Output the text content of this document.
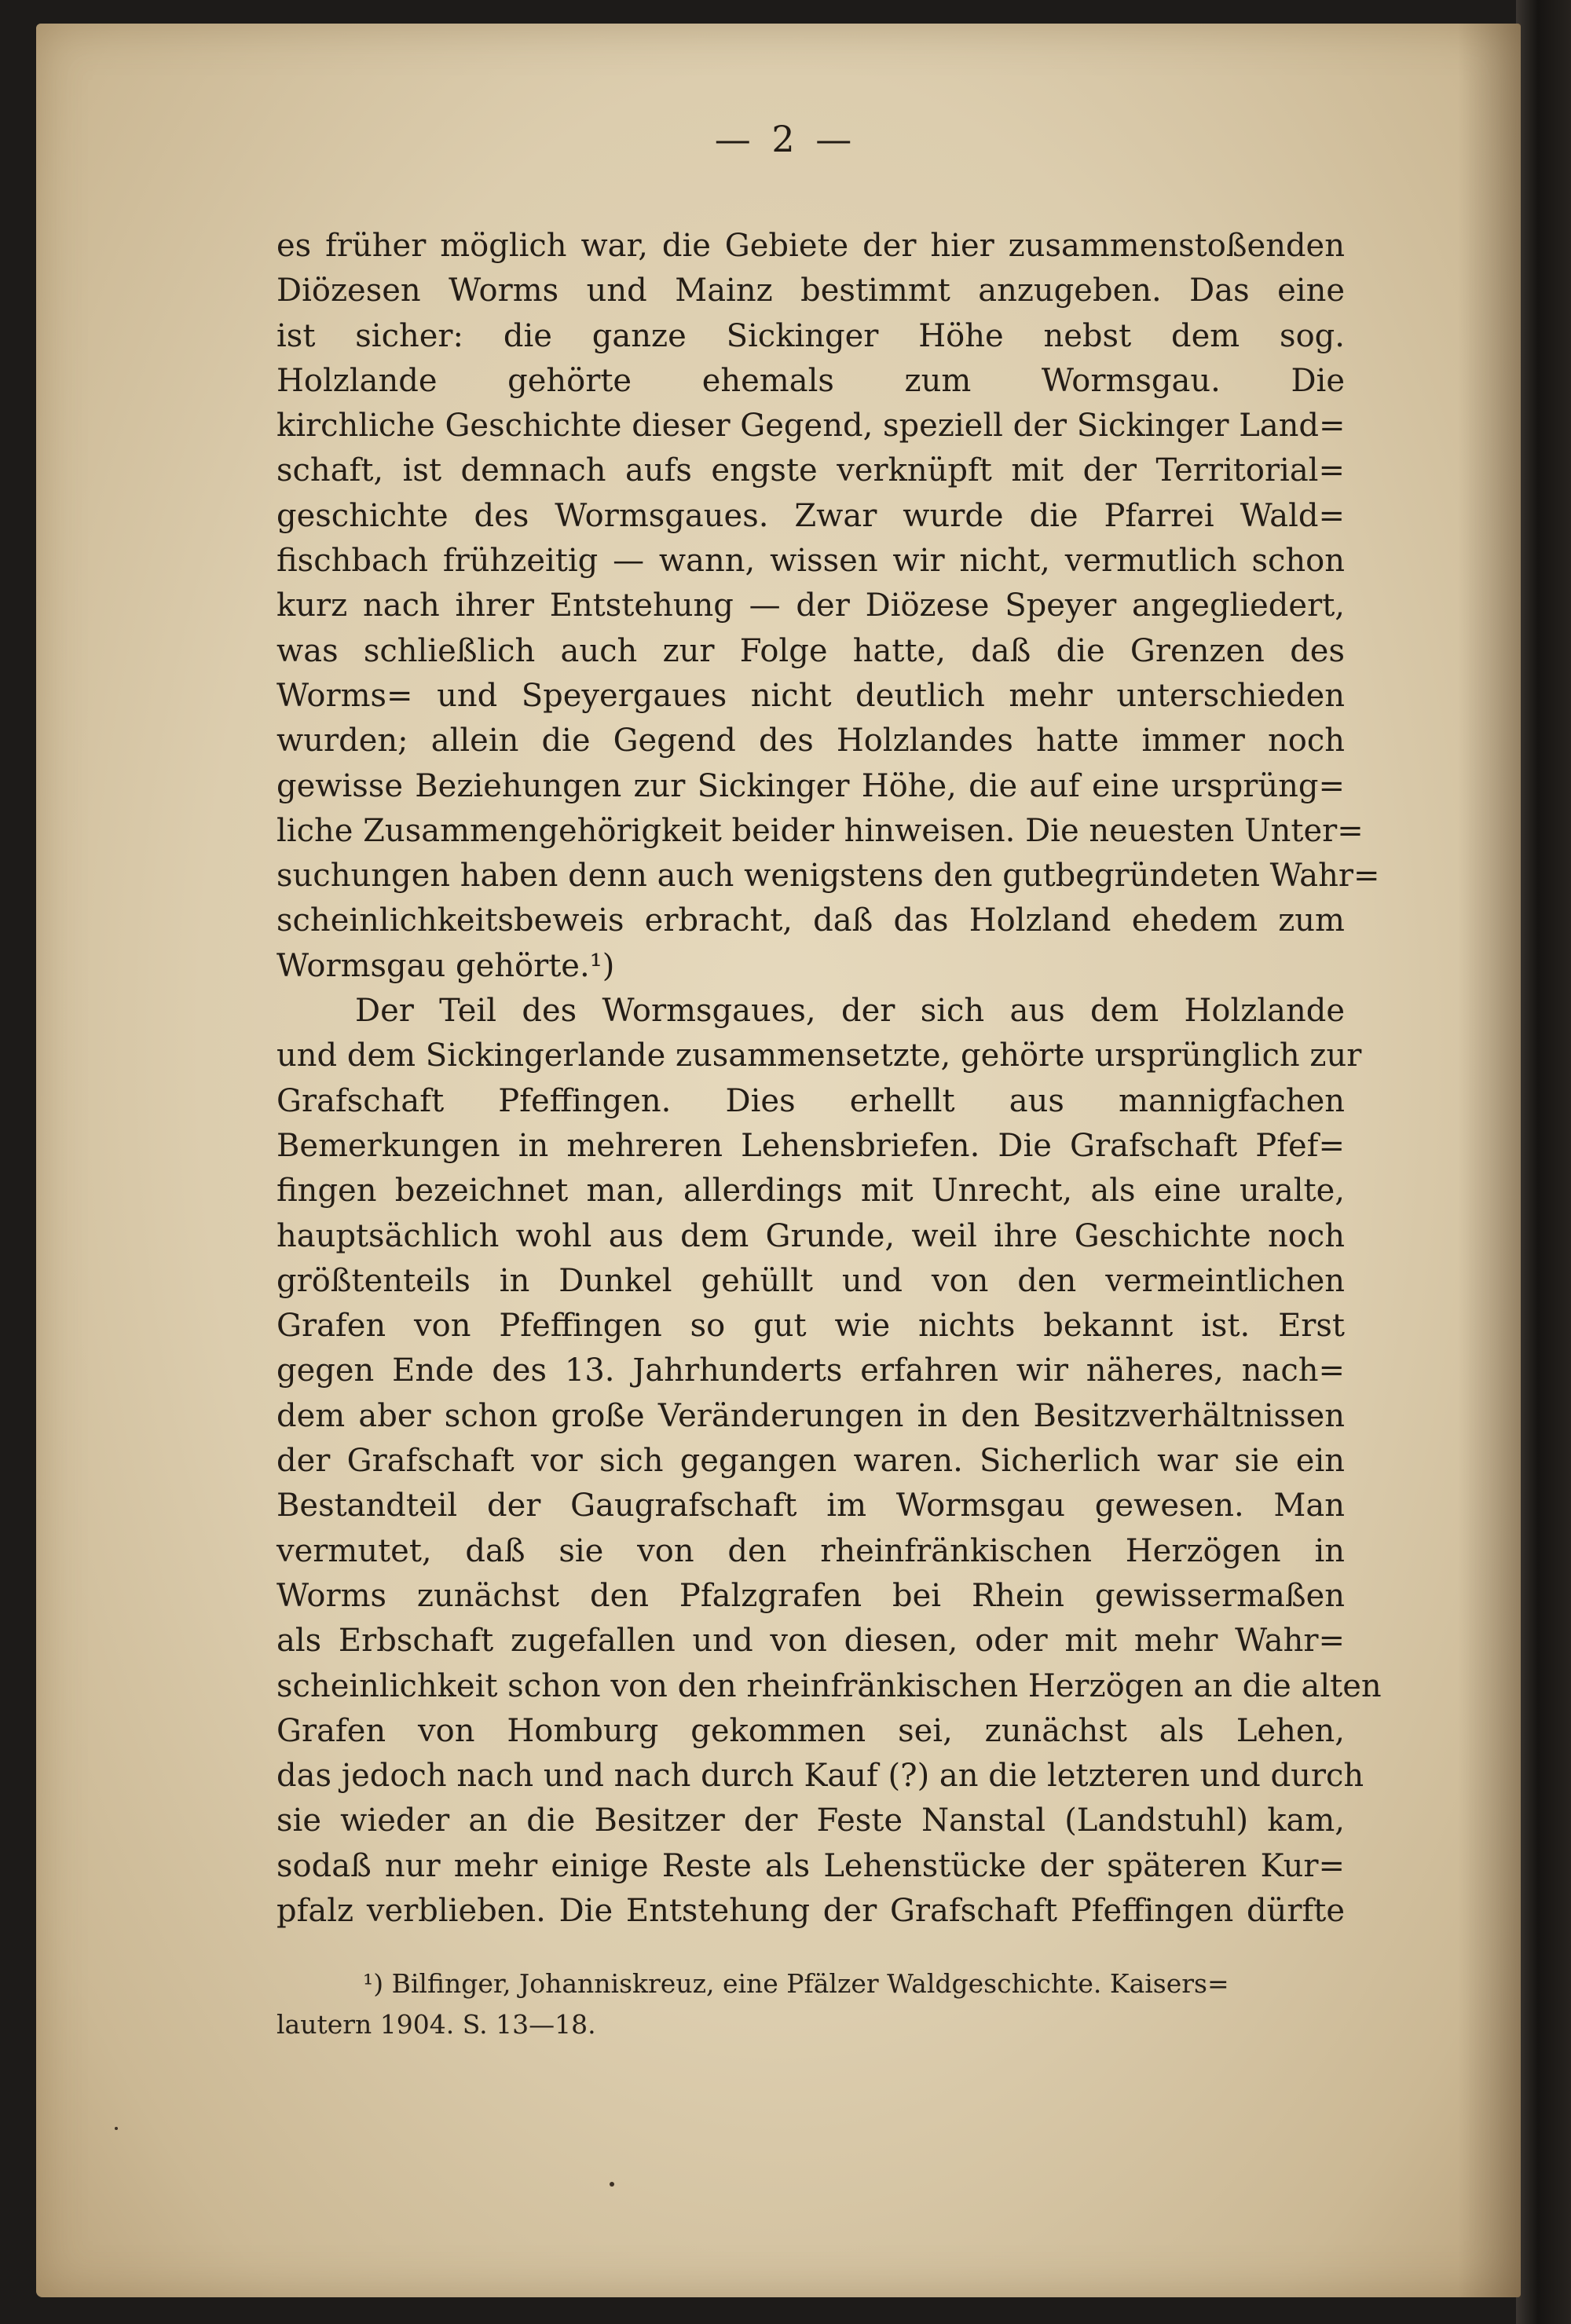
— 2 —
es früher möglich war, die Gebiete der hier zusammenstoßenden
Diözesen Worms und Mainz bestimmt anzugeben. Das eine
ist sicher: die ganze Sickinger Höhe nebst dem sog.
Holzlande gehörte ehemals zum Wormsgau. Die
kirchliche Geschichte dieser Gegend, speziell der Sickinger Land=
schaft, ist demnach aufs engste verknüpft mit der Territorial=
geschichte des Wormsgaues. Zwar wurde die Pfarrei Wald=
fischbach frühzeitig — wann, wissen wir nicht, vermutlich schon
kurz nach ihrer Entstehung — der Diözese Speyer angegliedert,
was schließlich auch zur Folge hatte, daß die Grenzen des
Worms= und Speyergaues nicht deutlich mehr unterschieden
wurden; allein die Gegend des Holzlandes hatte immer noch
gewisse Beziehungen zur Sickinger Höhe, die auf eine ursprüng=
liche Zusammengehörigkeit beider hinweisen. Die neuesten Unter=
suchungen haben denn auch wenigstens den gutbegründeten Wahr=
scheinlichkeitsbeweis erbracht, daß das Holzland ehedem zum
Wormsgau gehörte.¹)
Der Teil des Wormsgaues, der sich aus dem Holzlande
und dem Sickingerlande zusammensetzte, gehörte ursprünglich zur
Grafschaft Pfeffingen. Dies erhellt aus mannigfachen
Bemerkungen in mehreren Lehensbriefen. Die Grafschaft Pfef=
fingen bezeichnet man, allerdings mit Unrecht, als eine uralte,
hauptsächlich wohl aus dem Grunde, weil ihre Geschichte noch
größtenteils in Dunkel gehüllt und von den vermeintlichen
Grafen von Pfeffingen so gut wie nichts bekannt ist. Erst
gegen Ende des 13. Jahrhunderts erfahren wir näheres, nach=
dem aber schon große Veränderungen in den Besitzverhältnissen
der Grafschaft vor sich gegangen waren. Sicherlich war sie ein
Bestandteil der Gaugrafschaft im Wormsgau gewesen. Man
vermutet, daß sie von den rheinfränkischen Herzögen in
Worms zunächst den Pfalzgrafen bei Rhein gewissermaßen
als Erbschaft zugefallen und von diesen, oder mit mehr Wahr=
scheinlichkeit schon von den rheinfränkischen Herzögen an die alten
Grafen von Homburg gekommen sei, zunächst als Lehen,
das jedoch nach und nach durch Kauf (?) an die letzteren und durch
sie wieder an die Besitzer der Feste Nanstal (Landstuhl) kam,
sodaß nur mehr einige Reste als Lehenstücke der späteren Kur=
pfalz verblieben. Die Entstehung der Grafschaft Pfeffingen dürfte
¹) Bilfinger, Johanniskreuz, eine Pfälzer Waldgeschichte. Kaisers=
lautern 1904. S. 13—18.
